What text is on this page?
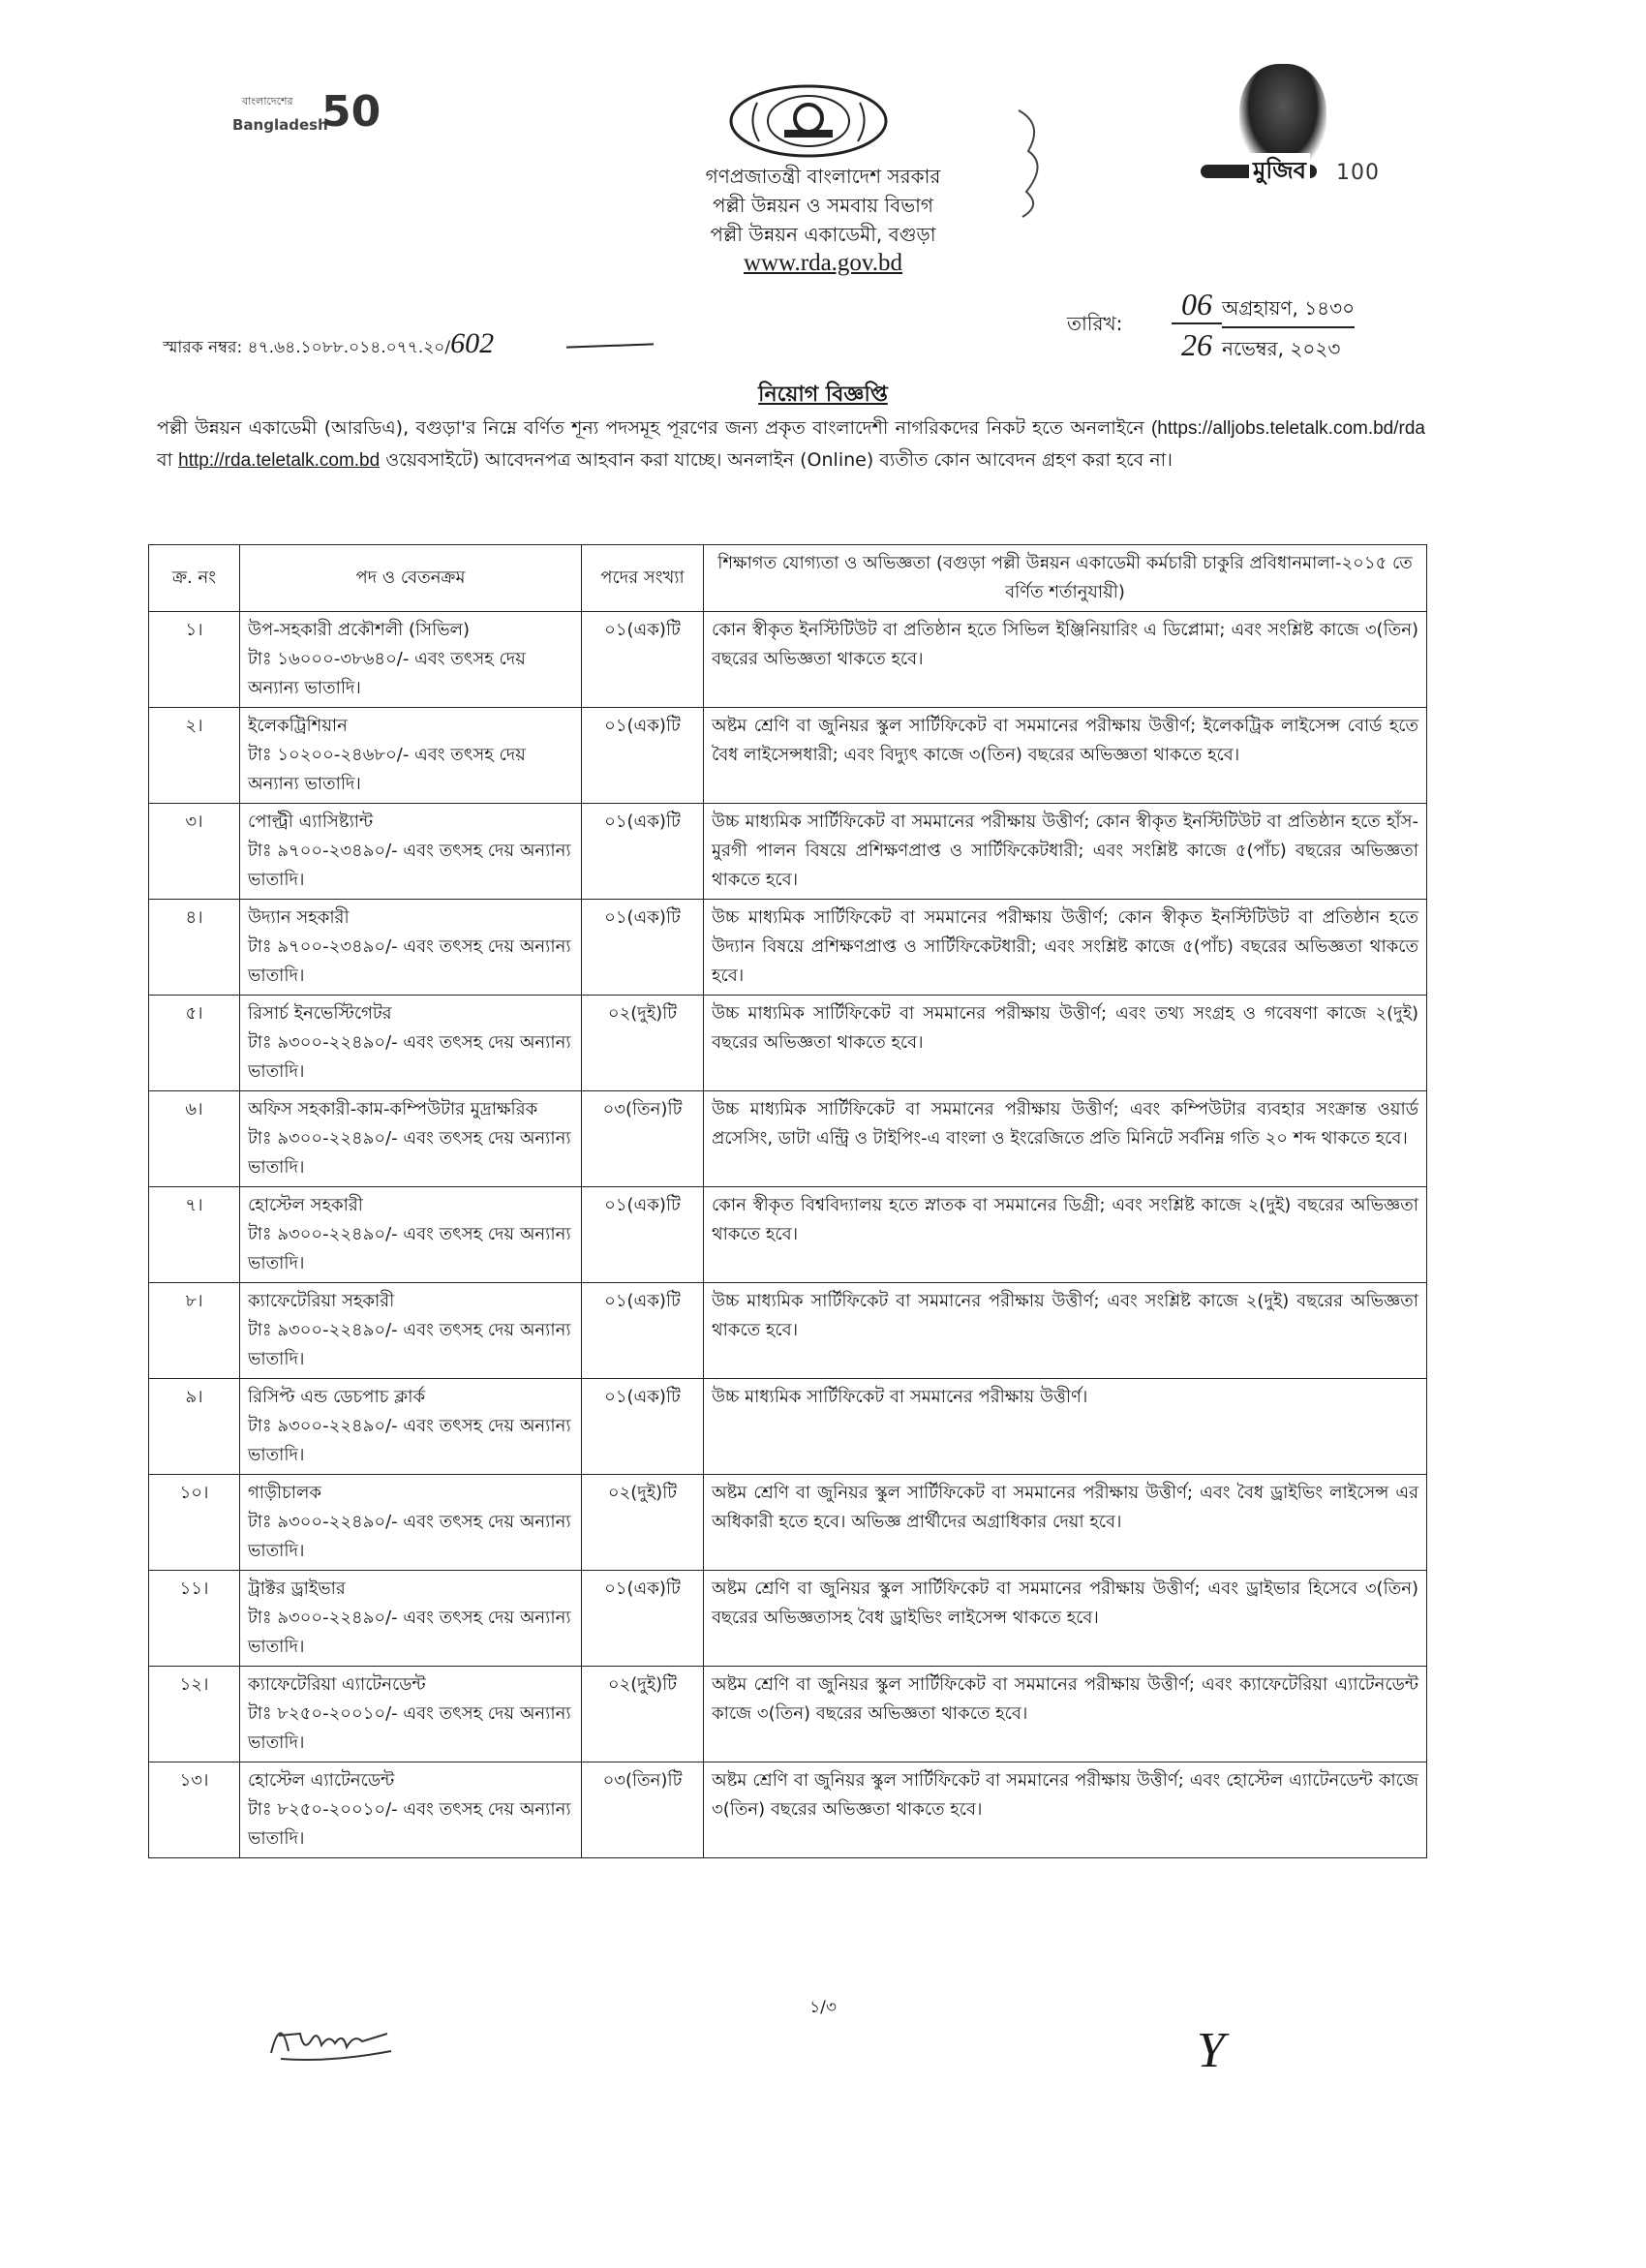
বাংলাদেশের
Bangladesh
50
মুজিব 100
গণপ্রজাতন্ত্রী বাংলাদেশ সরকার
পল্লী উন্নয়ন ও সমবায় বিভাগ
পল্লী উন্নয়ন একাডেমী, বগুড়া
www.rda.gov.bd
স্মারক নম্বর: ৪৭.৬৪.১০৮৮.০১৪.০৭৭.২০/602
তারিখ:
06 অগ্রহায়ণ, ১৪৩০
26 নভেম্বর, ২০২৩
নিয়োগ বিজ্ঞপ্তি
পল্লী উন্নয়ন একাডেমী (আরডিএ), বগুড়া'র নিম্নে বর্ণিত শূন্য পদসমূহ পূরণের জন্য প্রকৃত বাংলাদেশী নাগরিকদের নিকট হতে অনলাইনে (https://alljobs.teletalk.com.bd/rda বা http://rda.teletalk.com.bd ওয়েবসাইটে) আবেদনপত্র আহবান করা যাচ্ছে। অনলাইন (Online) ব্যতীত কোন আবেদন গ্রহণ করা হবে না।
ক্র. নং	পদ ও বেতনক্রম	পদের সংখ্যা	শিক্ষাগত যোগ্যতা ও অভিজ্ঞতা (বগুড়া পল্লী উন্নয়ন একাডেমী কর্মচারী চাকুরি প্রবিধানমালা-২০১৫ তে বর্ণিত শর্তানুযায়ী)
১।	উপ-সহকারী প্রকৌশলী (সিভিল)
টাঃ ১৬০০০-৩৮৬৪০/- এবং তৎসহ দেয় অন্যান্য ভাতাদি।	০১(এক)টি	কোন স্বীকৃত ইনস্টিটিউট বা প্রতিষ্ঠান হতে সিভিল ইঞ্জিনিয়ারিং এ ডিপ্লোমা; এবং সংশ্লিষ্ট কাজে ৩(তিন) বছরের অভিজ্ঞতা থাকতে হবে।
২।	ইলেকট্রিশিয়ান
টাঃ ১০২০০-২৪৬৮০/- এবং তৎসহ দেয় অন্যান্য ভাতাদি।	০১(এক)টি	অষ্টম শ্রেণি বা জুনিয়র স্কুল সার্টিফিকেট বা সমমানের পরীক্ষায় উত্তীর্ণ; ইলেকট্রিক লাইসেন্স বোর্ড হতে বৈধ লাইসেন্সধারী; এবং বিদ্যুৎ কাজে ৩(তিন) বছরের অভিজ্ঞতা থাকতে হবে।
৩।	পোল্ট্রী এ্যাসিষ্ট্যান্ট
টাঃ ৯৭০০-২৩৪৯০/- এবং তৎসহ দেয় অন্যান্য ভাতাদি।	০১(এক)টি	উচ্চ মাধ্যমিক সার্টিফিকেট বা সমমানের পরীক্ষায় উত্তীর্ণ; কোন স্বীকৃত ইনস্টিটিউট বা প্রতিষ্ঠান হতে হাঁস-মুরগী পালন বিষয়ে প্রশিক্ষণপ্রাপ্ত ও সার্টিফিকেটধারী; এবং সংশ্লিষ্ট কাজে ৫(পাঁচ) বছরের অভিজ্ঞতা থাকতে হবে।
৪।	উদ্যান সহকারী
টাঃ ৯৭০০-২৩৪৯০/- এবং তৎসহ দেয় অন্যান্য ভাতাদি।	০১(এক)টি	উচ্চ মাধ্যমিক সার্টিফিকেট বা সমমানের পরীক্ষায় উত্তীর্ণ; কোন স্বীকৃত ইনস্টিটিউট বা প্রতিষ্ঠান হতে উদ্যান বিষয়ে প্রশিক্ষণপ্রাপ্ত ও সার্টিফিকেটধারী; এবং সংশ্লিষ্ট কাজে ৫(পাঁচ) বছরের অভিজ্ঞতা থাকতে হবে।
৫।	রিসার্চ ইনভেস্টিগেটর
টাঃ ৯৩০০-২২৪৯০/- এবং তৎসহ দেয় অন্যান্য ভাতাদি।	০২(দুই)টি	উচ্চ মাধ্যমিক সার্টিফিকেট বা সমমানের পরীক্ষায় উত্তীর্ণ; এবং তথ্য সংগ্রহ ও গবেষণা কাজে ২(দুই) বছরের অভিজ্ঞতা থাকতে হবে।
৬।	অফিস সহকারী-কাম-কম্পিউটার মুদ্রাক্ষরিক
টাঃ ৯৩০০-২২৪৯০/- এবং তৎসহ দেয় অন্যান্য ভাতাদি।	০৩(তিন)টি	উচ্চ মাধ্যমিক সার্টিফিকেট বা সমমানের পরীক্ষায় উত্তীর্ণ; এবং কম্পিউটার ব্যবহার সংক্রান্ত ওয়ার্ড প্রসেসিং, ডাটা এন্ট্রি ও টাইপিং-এ বাংলা ও ইংরেজিতে প্রতি মিনিটে সর্বনিম্ন গতি ২০ শব্দ থাকতে হবে।
৭।	হোস্টেল সহকারী
টাঃ ৯৩০০-২২৪৯০/- এবং তৎসহ দেয় অন্যান্য ভাতাদি।	০১(এক)টি	কোন স্বীকৃত বিশ্ববিদ্যালয় হতে স্নাতক বা সমমানের ডিগ্রী; এবং সংশ্লিষ্ট কাজে ২(দুই) বছরের অভিজ্ঞতা থাকতে হবে।
৮।	ক্যাফেটেরিয়া সহকারী
টাঃ ৯৩০০-২২৪৯০/- এবং তৎসহ দেয় অন্যান্য ভাতাদি।	০১(এক)টি	উচ্চ মাধ্যমিক সার্টিফিকেট বা সমমানের পরীক্ষায় উত্তীর্ণ; এবং সংশ্লিষ্ট কাজে ২(দুই) বছরের অভিজ্ঞতা থাকতে হবে।
৯।	রিসিপ্ট এন্ড ডেচপাচ ক্লার্ক
টাঃ ৯৩০০-২২৪৯০/- এবং তৎসহ দেয় অন্যান্য ভাতাদি।	০১(এক)টি	উচ্চ মাধ্যমিক সার্টিফিকেট বা সমমানের পরীক্ষায় উত্তীর্ণ।
১০।	গাড়ীচালক
টাঃ ৯৩০০-২২৪৯০/- এবং তৎসহ দেয় অন্যান্য ভাতাদি।	০২(দুই)টি	অষ্টম শ্রেণি বা জুনিয়র স্কুল সার্টিফিকেট বা সমমানের পরীক্ষায় উত্তীর্ণ; এবং বৈধ ড্রাইভিং লাইসেন্স এর অধিকারী হতে হবে। অভিজ্ঞ প্রার্থীদের অগ্রাধিকার দেয়া হবে।
১১।	ট্রাক্টর ড্রাইভার
টাঃ ৯৩০০-২২৪৯০/- এবং তৎসহ দেয় অন্যান্য ভাতাদি।	০১(এক)টি	অষ্টম শ্রেণি বা জুনিয়র স্কুল সার্টিফিকেট বা সমমানের পরীক্ষায় উত্তীর্ণ; এবং ড্রাইভার হিসেবে ৩(তিন) বছরের অভিজ্ঞতাসহ বৈধ ড্রাইভিং লাইসেন্স থাকতে হবে।
১২।	ক্যাফেটেরিয়া এ্যাটেনডেন্ট
টাঃ ৮২৫০-২০০১০/- এবং তৎসহ দেয় অন্যান্য ভাতাদি।	০২(দুই)টি	অষ্টম শ্রেণি বা জুনিয়র স্কুল সার্টিফিকেট বা সমমানের পরীক্ষায় উত্তীর্ণ; এবং ক্যাফেটেরিয়া এ্যাটেনডেন্ট কাজে ৩(তিন) বছরের অভিজ্ঞতা থাকতে হবে।
১৩।	হোস্টেল এ্যাটেনডেন্ট
টাঃ ৮২৫০-২০০১০/- এবং তৎসহ দেয় অন্যান্য ভাতাদি।	০৩(তিন)টি	অষ্টম শ্রেণি বা জুনিয়র স্কুল সার্টিফিকেট বা সমমানের পরীক্ষায় উত্তীর্ণ; এবং হোস্টেল এ্যাটেনডেন্ট কাজে ৩(তিন) বছরের অভিজ্ঞতা থাকতে হবে।
১/৩
Y
